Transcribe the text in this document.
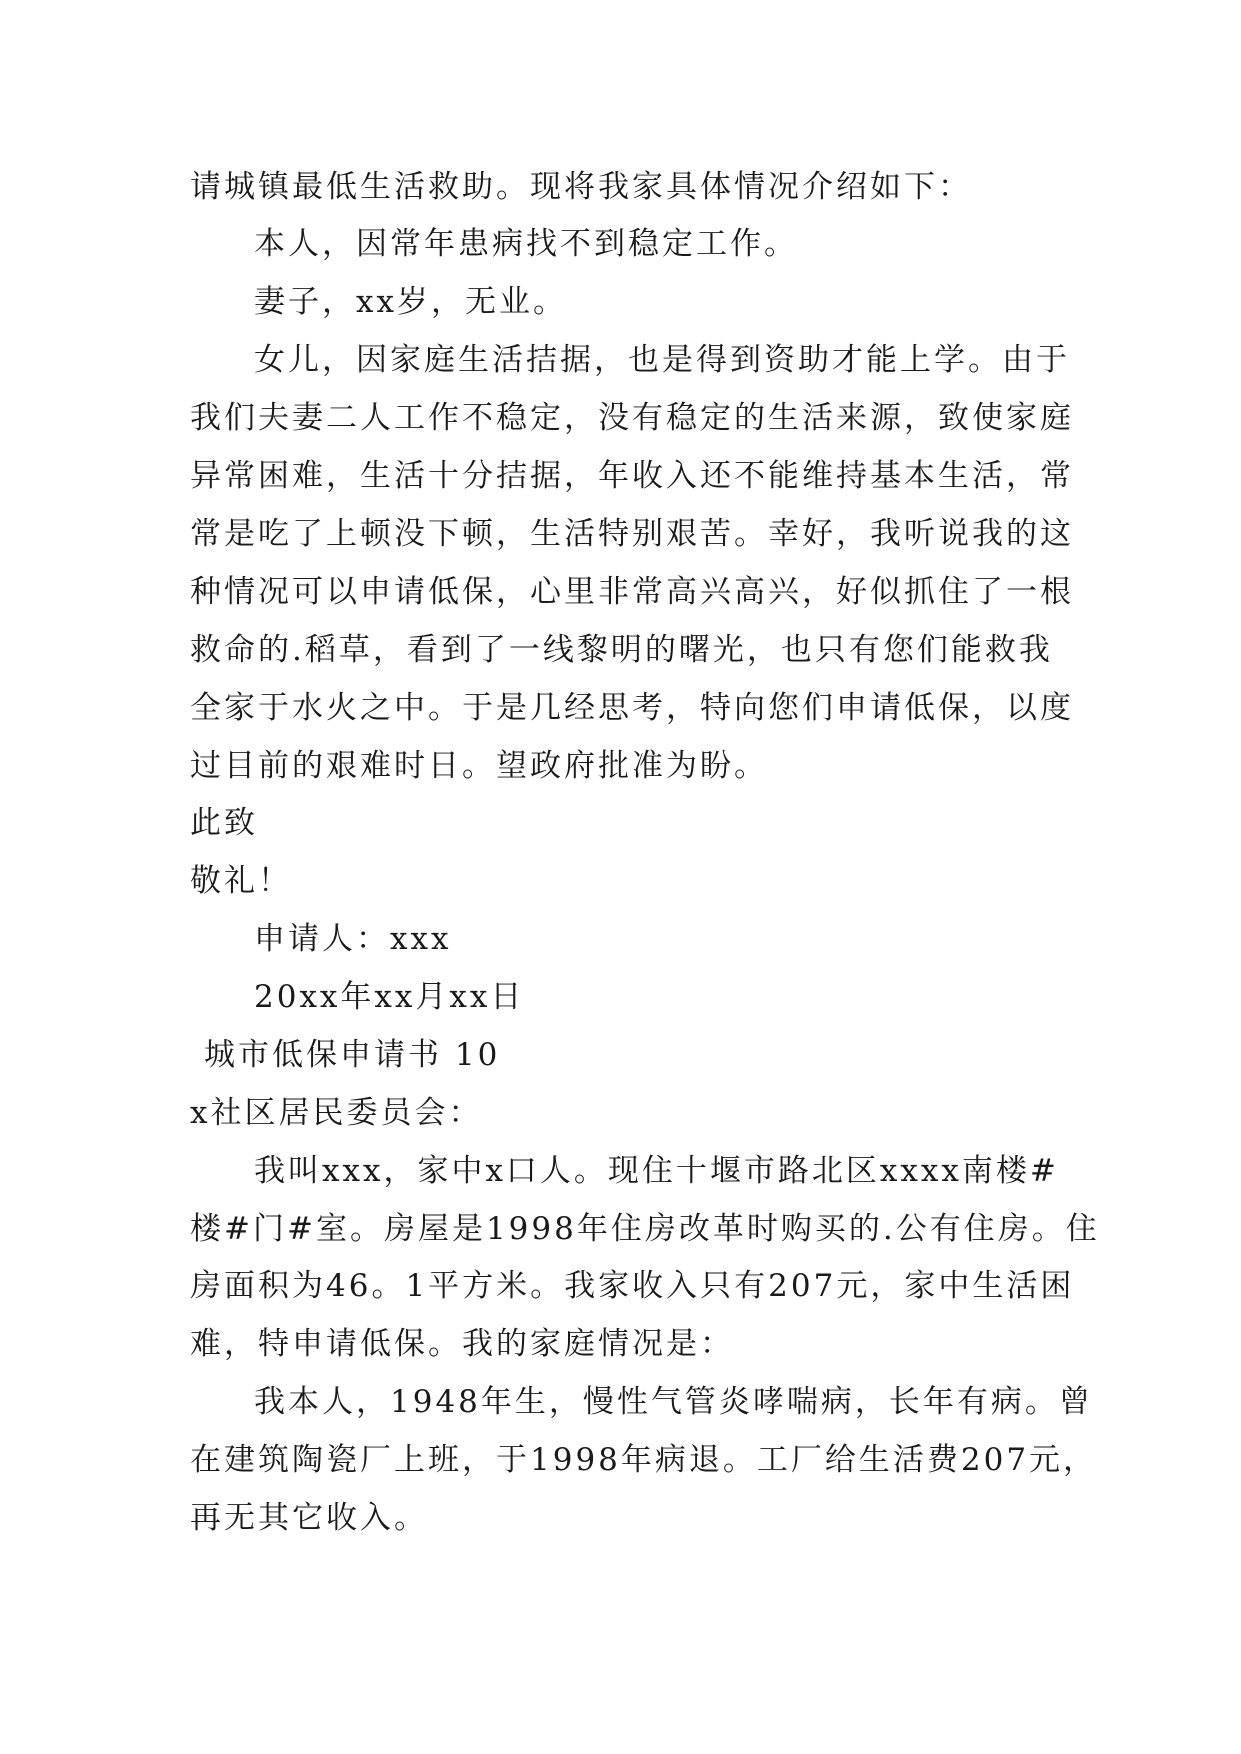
请城镇最低生活救助。现将我家具体情况介绍如下：
本人，因常年患病找不到稳定工作。
妻子，xx岁，无业。
女儿，因家庭生活拮据，也是得到资助才能上学。由于
我们夫妻二人工作不稳定，没有稳定的生活来源，致使家庭
异常困难，生活十分拮据，年收入还不能维持基本生活，常
常是吃了上顿没下顿，生活特别艰苦。幸好，我听说我的这
种情况可以申请低保，心里非常高兴高兴，好似抓住了一根
救命的.稻草，看到了一线黎明的曙光，也只有您们能救我
全家于水火之中。于是几经思考，特向您们申请低保，以度
过目前的艰难时日。望政府批准为盼。
此致
敬礼！
申请人：xxx
20xx年xx月xx日
城市低保申请书 10
x社区居民委员会：
我叫xxx，家中x口人。现住十堰市路北区xxxx南楼#
楼#门#室。房屋是1998年住房改革时购买的.公有住房。住
房面积为46。1平方米。我家收入只有207元，家中生活困
难，特申请低保。我的家庭情况是：
我本人，1948年生，慢性气管炎哮喘病，长年有病。曾
在建筑陶瓷厂上班，于1998年病退。工厂给生活费207元，
再无其它收入。
